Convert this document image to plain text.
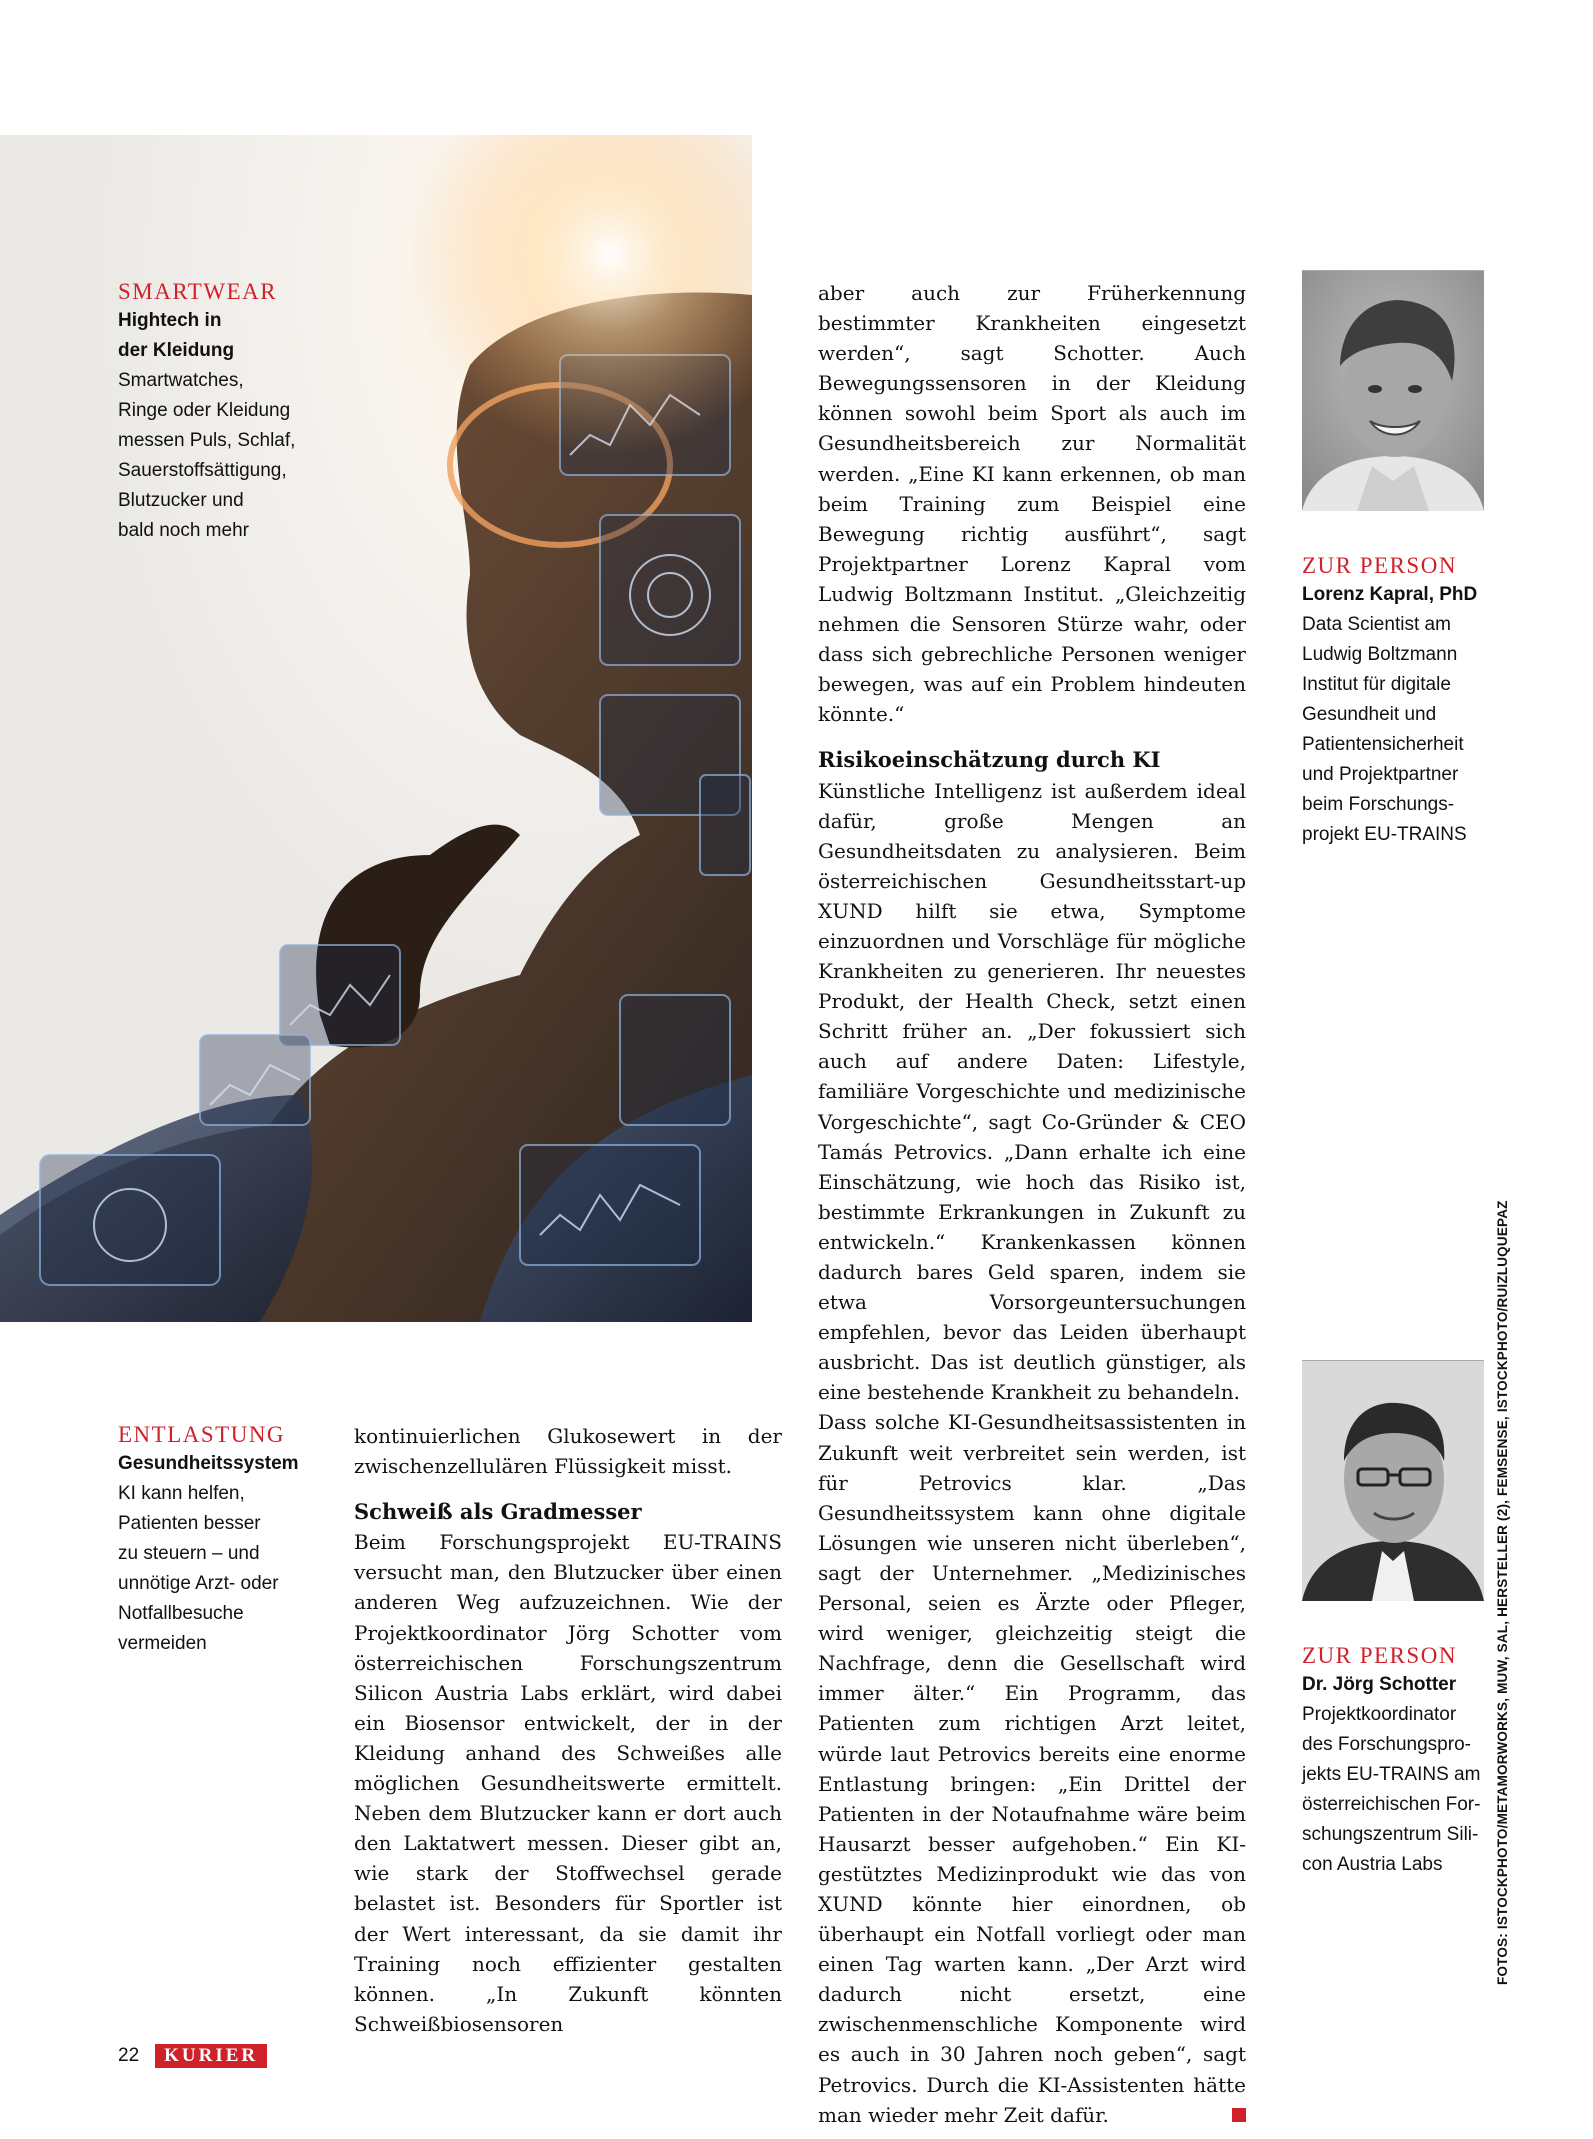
SMARTWEAR

Hightech in

der Kleidung

Smartwatches,

Ringe oder Kleidung

messen Puls, Schlaf,

Sauerstoffsättigung,

Blutzucker und

bald noch mehr

ENTLASTUNG
Gesundheitssystem

KI kann helfen,

Patienten besser

zu steuern – und

unnötige Arzt- oder

Notfallbesuche

vermeiden

kontinuierlichen Glukosewert in der zwischenzellulären Flüssigkeit misst.

Schweiß als Gradmesser

Beim Forschungsprojekt EU-TRAINS versucht man, den Blutzucker über einen anderen Weg aufzuzeichnen. Wie der Projektkoordinator Jörg Schotter vom österreichischen Forschungszentrum Silicon Austria Labs erklärt, wird dabei ein Biosensor entwickelt, der in der Kleidung anhand des Schweißes alle möglichen Gesundheitswerte ermittelt. Neben dem Blutzucker kann er dort auch den Laktatwert messen. Dieser gibt an, wie stark der Stoffwechsel gerade belastet ist. Besonders für Sportler ist der Wert interessant, da sie damit ihr Training noch effizienter gestalten können. „In Zukunft könnten Schweißbiosensoren

aber auch zur Früherkennung bestimmter Krankheiten eingesetzt werden“, sagt Schotter. Auch Bewegungssensoren in der Kleidung können sowohl beim Sport als auch im Gesundheitsbereich zur Normalität werden. „Eine KI kann erkennen, ob man beim Training zum Beispiel eine Bewegung richtig ausführt“, sagt Projektpartner Lorenz Kapral vom Ludwig Boltzmann Institut. „Gleichzeitig nehmen die Sensoren Stürze wahr, oder dass sich gebrechliche Personen weniger bewegen, was auf ein Problem hindeuten könnte.“

Risikoeinschätzung durch KI

Künstliche Intelligenz ist außerdem ideal dafür, große Mengen an Gesundheitsdaten zu analysieren. Beim österreichischen Gesundheitsstart-up XUND hilft sie etwa, Symptome einzuordnen und Vorschläge für mögliche Krankheiten zu generieren. Ihr neuestes Produkt, der Health Check, setzt einen Schritt früher an. „Der fokussiert sich auch auf andere Daten: Lifestyle, familiäre Vorgeschichte und medizinische Vorgeschichte“, sagt Co-Gründer & CEO Tamás Petrovics. „Dann erhalte ich eine Einschätzung, wie hoch das Risiko ist, bestimmte Erkrankungen in Zukunft zu entwickeln.“ Krankenkassen können dadurch bares Geld sparen, indem sie etwa Vorsorgeuntersuchungen empfehlen, bevor das Leiden überhaupt ausbricht. Das ist deutlich günstiger, als eine bestehende Krankheit zu behandeln.

Dass solche KI-Gesundheitsassistenten in Zukunft weit verbreitet sein werden, ist für Petrovics klar. „Das Gesundheitssystem kann ohne digitale Lösungen wie unseren nicht überleben“, sagt der Unternehmer. „Medizinisches Personal, seien es Ärzte oder Pfleger, wird weniger, gleichzeitig steigt die Nachfrage, denn die Gesellschaft wird immer älter.“ Ein Programm, das Patienten zum richtigen Arzt leitet, würde laut Petrovics bereits eine enorme Entlastung bringen: „Ein Drittel der Patienten in der Notaufnahme wäre beim Hausarzt besser aufgehoben.“ Ein KI-gestütztes Medizinprodukt wie das von XUND könnte hier einordnen, ob überhaupt ein Notfall vorliegt oder man einen Tag warten kann. „Der Arzt wird dadurch nicht ersetzt, eine zwischenmenschliche Komponente wird es auch in 30 Jahren noch geben“, sagt Petrovics. Durch die KI-Assistenten hätte man wieder mehr Zeit dafür.

ZUR PERSON
Lorenz Kapral, PhD

Data Scientist am

Ludwig Boltzmann

Institut für digitale

Gesundheit und

Patientensicherheit

und Projektpartner

beim Forschungs-

projekt EU-TRAINS

ZUR PERSON
Dr. Jörg Schotter

Projektkoordinator

des Forschungspro-

jekts EU-TRAINS am

österreichischen For-

schungszentrum Sili-

con Austria Labs	FOTOS: ISTOCKPHOTO/METAMORWORKS, MUW, SAL, HERSTELLER (2), FEMSENSE, ISTOCKPHOTO/RUIZLUQUEPAZ
22	KURIER
